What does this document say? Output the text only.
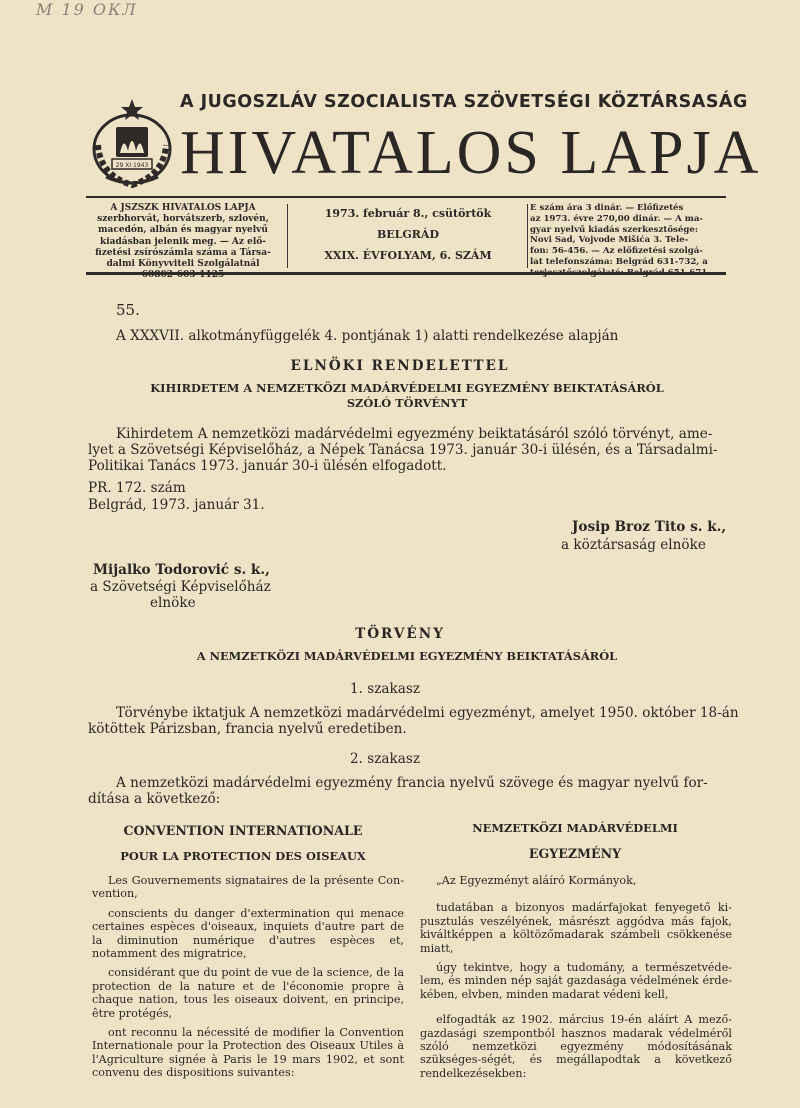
M 19 ОКЛ
29 XI 1943
A JUGOSZLÁV SZOCIALISTA SZÖVETSÉGI KÖZTÁRSASÁG
HIVATALOS LAPJA
A JSZSZK HIVATALOS LAPJA
szerbhorvát, horvátszerb, szlovén,
macedón, albán és magyar nyelvű
kiadásban jelenik meg. — Az elő-
fizetési zsírószámla száma a Társa-
dalmi Könyvviteli Szolgálatnál
60802-603-1125
1973. február 8., csütörtök
BELGRÁD
XXIX. ÉVFOLYAM, 6. SZÁM
E szám ára 3 dinár. — Előfizetés
az 1973. évre 270,00 dinár. — A ma-
gyar nyelvű kiadás szerkesztősége:
Novi Sad, Vojvode Mišića 3. Tele-
fon: 56-456. — Az előfizetési szolgá-
lat telefonszáma: Belgrád 631-732, a
terjesztőszolgálaté: Belgrád 651-671
55.
A XXXVII. alkotmányfüggelék 4. pontjának 1) alatti rendelkezése alapján
ELNÖKI RENDELETTEL
KIHIRDETEM A NEMZETKÖZI MADÁRVÉDELMI EGYEZMÉNY BEIKTATÁSÁRÓL
SZÓLÓ TÖRVÉNYT
Kihirdetem A nemzetközi madárvédelmi egyezmény beiktatásáról szóló törvényt, ame-
lyet a Szövetségi Képviselőház, a Népek Tanácsa 1973. január 30-i ülésén, és a Társadalmi-
Politikai Tanács 1973. január 30-i ülésén elfogadott.
PR. 172. szám
Belgrád, 1973. január 31.
Josip Broz Tito s. k.,
a köztársaság elnöke
Mijalko Todorović s. k.,
a Szövetségi Képviselőház
elnöke
TÖRVÉNY
A NEMZETKÖZI MADÁRVÉDELMI EGYEZMÉNY BEIKTATÁSÁRÓL
1. szakasz
Törvénybe iktatjuk A nemzetközi madárvédelmi egyezményt, amelyet 1950. október 18-án
kötöttek Párizsban, francia nyelvű eredetiben.
2. szakasz
A nemzetközi madárvédelmi egyezmény francia nyelvű szövege és magyar nyelvű for-
dítása a következő:
CONVENTION INTERNATIONALE
POUR LA PROTECTION DES OISEAUX
NEMZETKÖZI MADÁRVÉDELMI
EGYEZMÉNY

Les Gouvernements signataires de la présente Con-vention,

conscients du danger d'extermination qui menace certaines espèces d'oiseaux, inquiets d'autre part de la diminution numérique d'autres espèces et, notamment des migratrice,

considérant que du point de vue de la science, de la protection de la nature et de l'économie propre à chaque nation, tous les oiseaux doivent, en principe, être protégés,

ont reconnu la nécessité de modifier la Convention Internationale pour la Protection des Oiseaux Utiles à l'Agriculture signée à Paris le 19 mars 1902, et sont convenu des dispositions suivantes:

„Az Egyezményt aláíró Kormányok,

tudatában a bizonyos madárfajokat fenyegető ki-pusztulás veszélyének, másrészt aggódva más fajok, kiváltképpen a költözőmadarak számbeli csökkenése miatt,

úgy tekintve, hogy a tudomány, a természetvéde-lem, és minden nép saját gazdasága védelmének érde-kében, elvben, minden madarat védeni kell,

elfogadták az 1902. március 19-én aláírt A mező-gazdasági szempontból hasznos madarak védelméről szóló nemzetközi egyezmény módosításának szükséges-ségét, és megállapodtak a következő rendelkezésekben:
